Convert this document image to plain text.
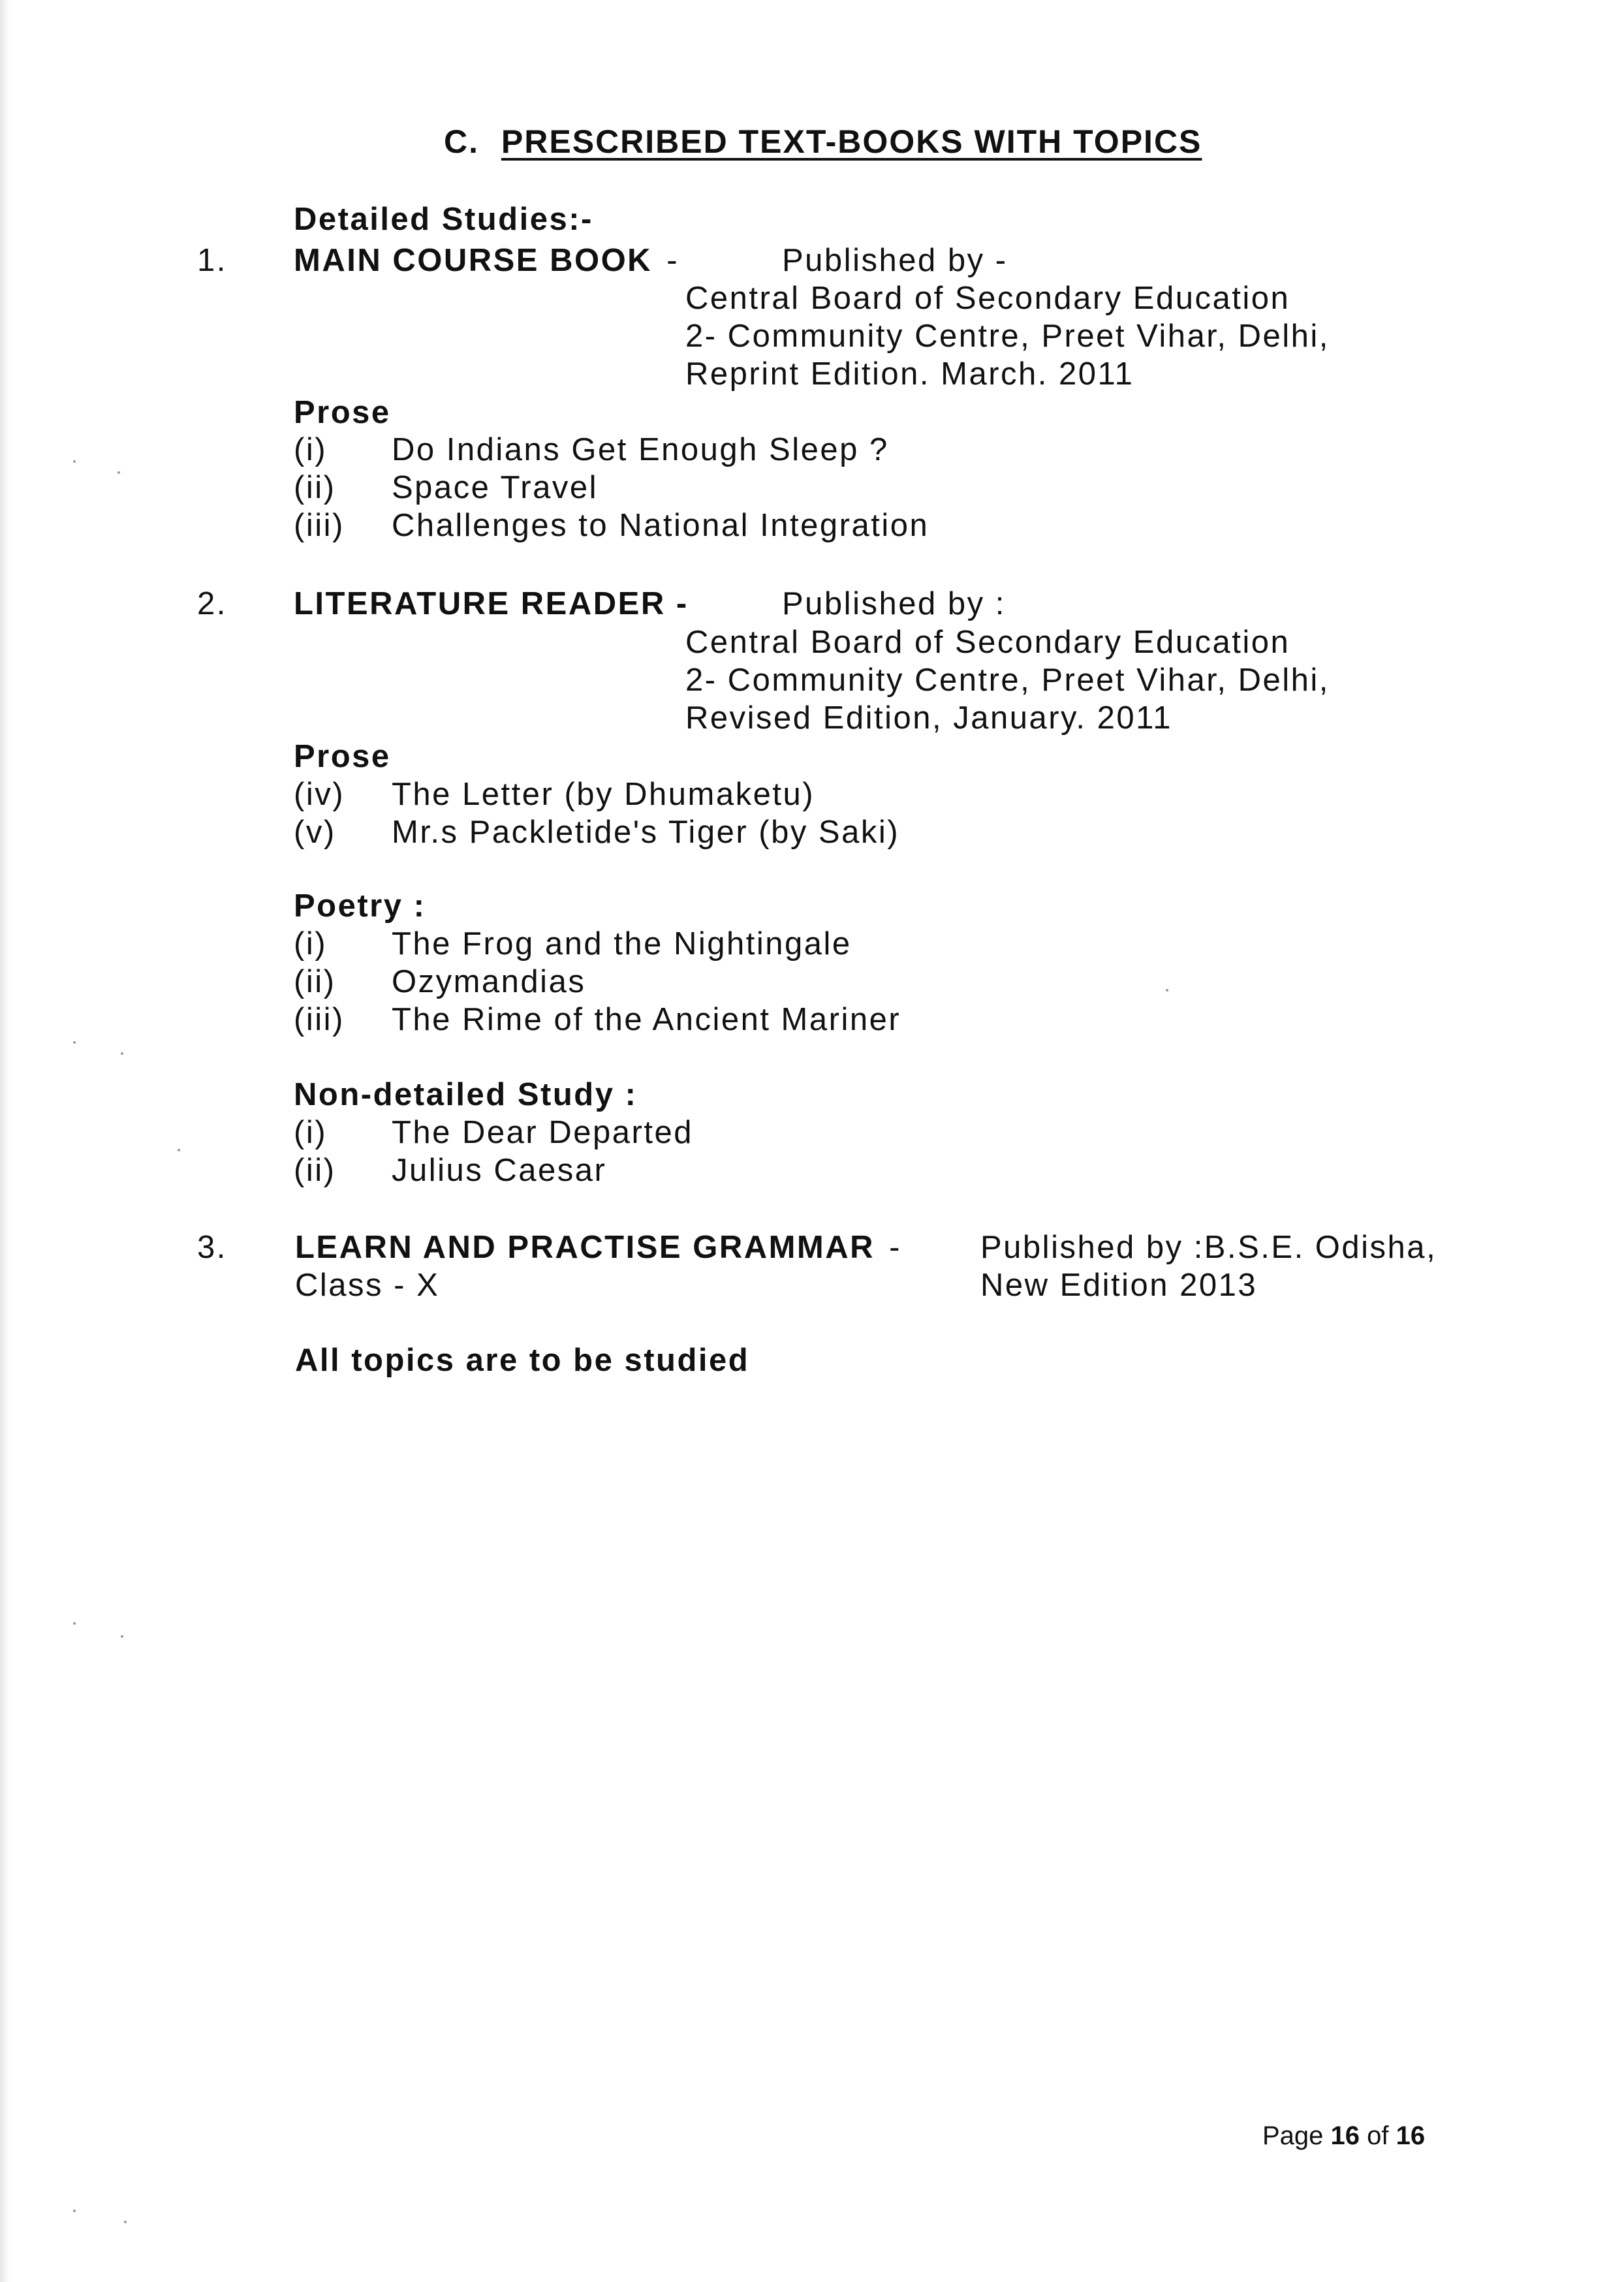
C. PRESCRIBED TEXT-BOOKS WITH TOPICS
Detailed Studies:-
1. MAIN COURSE BOOK -	Published by -
Central Board of Secondary Education
2- Community Centre, Preet Vihar, Delhi,
Reprint Edition. March. 2011
Prose
(i) Do Indians Get Enough Sleep ?
(ii) Space Travel
(iii) Challenges to National Integration
2. LITERATURE READER -	Published by :
Central Board of Secondary Education
2- Community Centre, Preet Vihar, Delhi,
Revised Edition, January. 2011
Prose
(iv) The Letter (by Dhumaketu)
(v) Mr.s Packletide's Tiger (by Saki)
Poetry :
(i) The Frog and the Nightingale
(ii) Ozymandias
(iii) The Rime of the Ancient Mariner
Non-detailed Study :
(i) The Dear Departed
(ii) Julius Caesar
3. LEARN AND PRACTISE GRAMMAR -
Class - X
Published by :B.S.E. Odisha,
New Edition 2013
All topics are to be studied
Page 16 of 16
